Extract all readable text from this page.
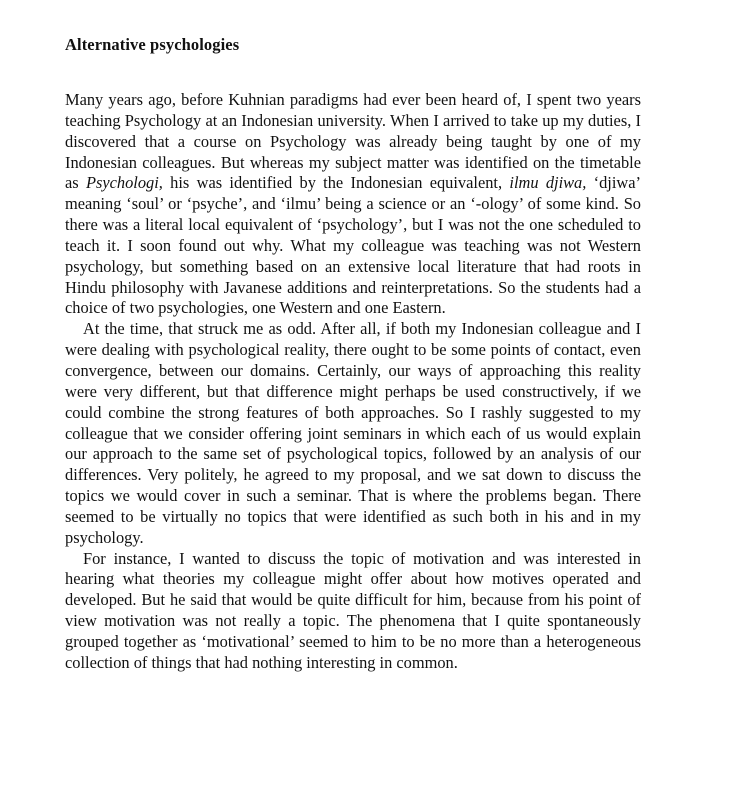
Alternative psychologies

Many years ago, before Kuhnian paradigms had ever been heard of, I spent two years teaching Psychology at an Indonesian university. When I arrived to take up my duties, I discovered that a course on Psychology was already being taught by one of my Indonesian colleagues. But whereas my subject matter was identified on the timetable as Psychologi, his was identified by the Indonesian equivalent, ilmu djiwa, ‘djiwa’ meaning ‘soul’ or ‘psyche’, and ‘ilmu’ being a science or an ‘-ology’ of some kind. So there was a literal local equivalent of ‘psychology’, but I was not the one scheduled to teach it. I soon found out why. What my colleague was teaching was not Western psychology, but something based on an extensive local literature that had roots in Hindu philosophy with Javanese additions and reinterpretations. So the students had a choice of two psychologies, one Western and one Eastern.

At the time, that struck me as odd. After all, if both my Indonesian colleague and I were dealing with psychological reality, there ought to be some points of contact, even convergence, between our domains. Certainly, our ways of approaching this reality were very different, but that difference might perhaps be used constructively, if we could combine the strong features of both approaches. So I rashly suggested to my colleague that we consider offering joint seminars in which each of us would explain our approach to the same set of psychological topics, followed by an analysis of our differences. Very politely, he agreed to my proposal, and we sat down to discuss the topics we would cover in such a seminar. That is where the problems began. There seemed to be virtually no topics that were identified as such both in his and in my psychology.

For instance, I wanted to discuss the topic of motivation and was interested in hearing what theories my colleague might offer about how motives operated and developed. But he said that would be quite difficult for him, because from his point of view motivation was not really a topic. The phenomena that I quite spontaneously grouped together as ‘motivational’ seemed to him to be no more than a heterogeneous collection of things that had nothing interesting in common.
